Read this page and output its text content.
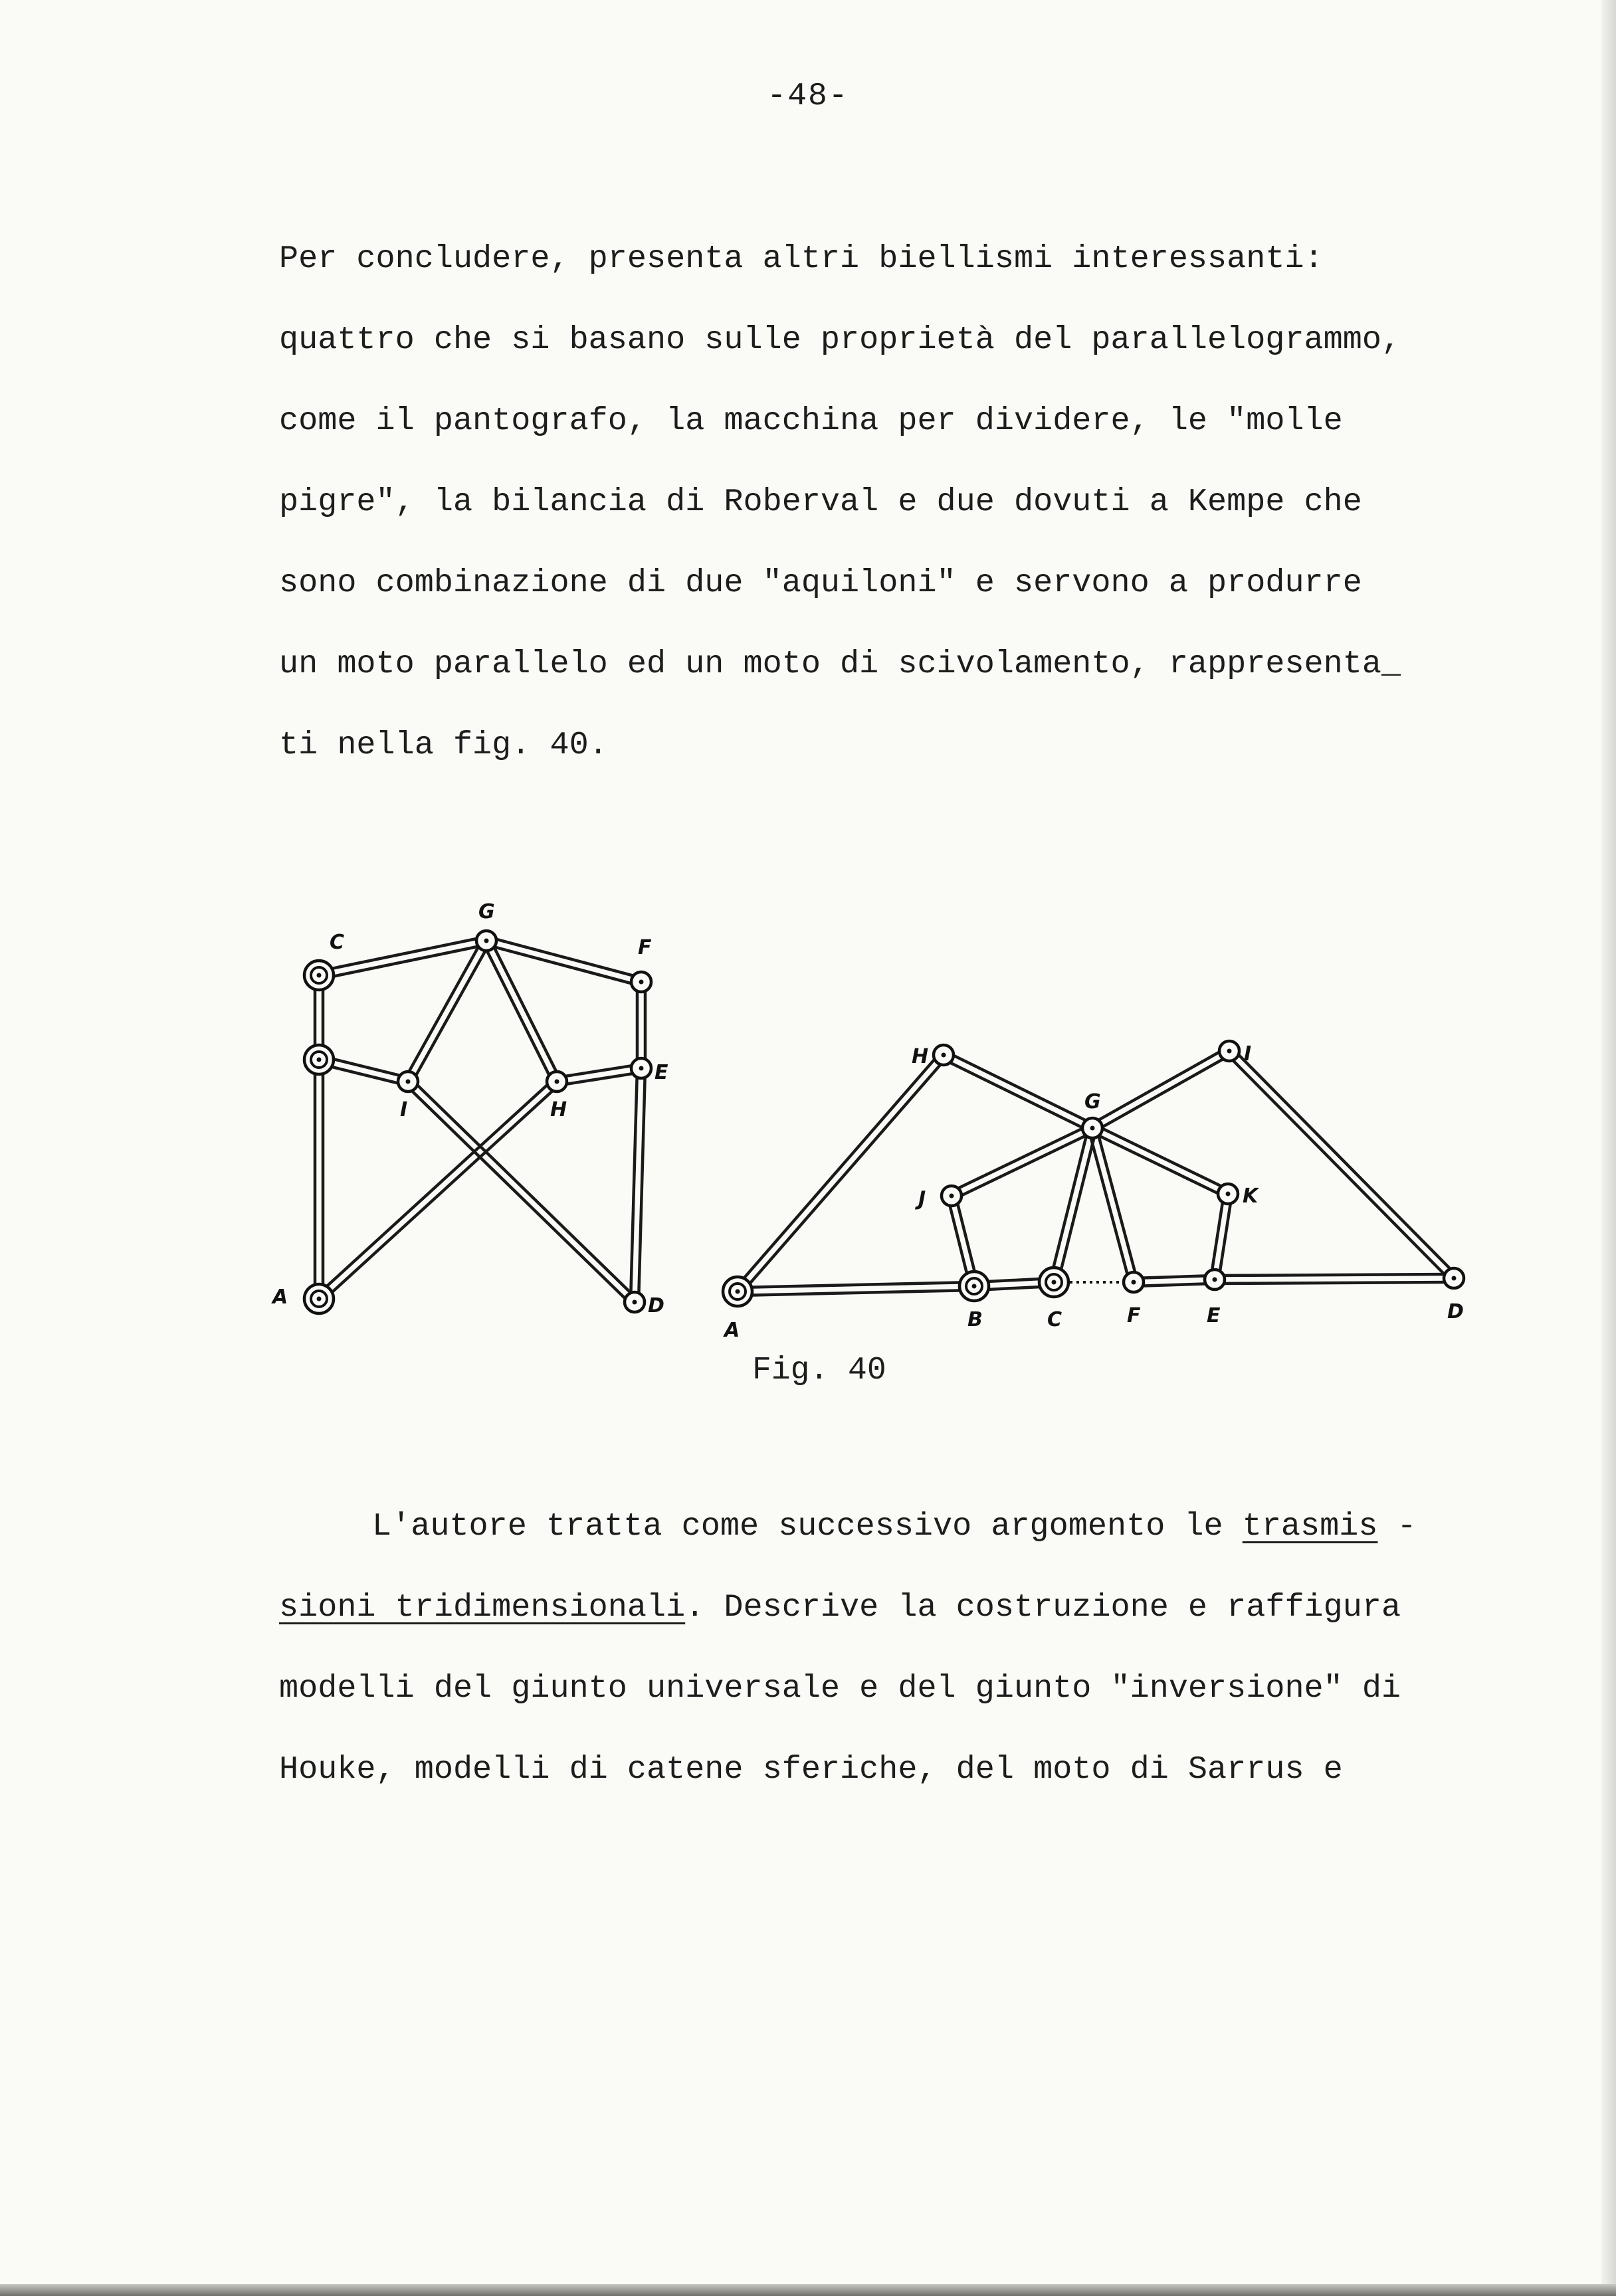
-48-

Per concludere, presenta altri biellismi interessanti:

quattro che si basano sulle proprietà del parallelogrammo,

come il pantografo, la macchina per dividere, le "molle

pigre", la bilancia di Roberval e due dovuti a Kempe che

sono combinazione di due "aquiloni" e servono a produrre

un moto parallelo ed un moto di scivolamento, rappresenta_

ti nella fig. 40.

C
G
F
E
I	H
A	D
H	I
G
J	K
A	B	C	F	E	D
Fig. 40

L'autore tratta come successivo argomento le trasmis -

sioni tridimensionali. Descrive la costruzione e raffigura

modelli del giunto universale e del giunto "inversione" di

Houke, modelli di catene sferiche, del moto di Sarrus e
